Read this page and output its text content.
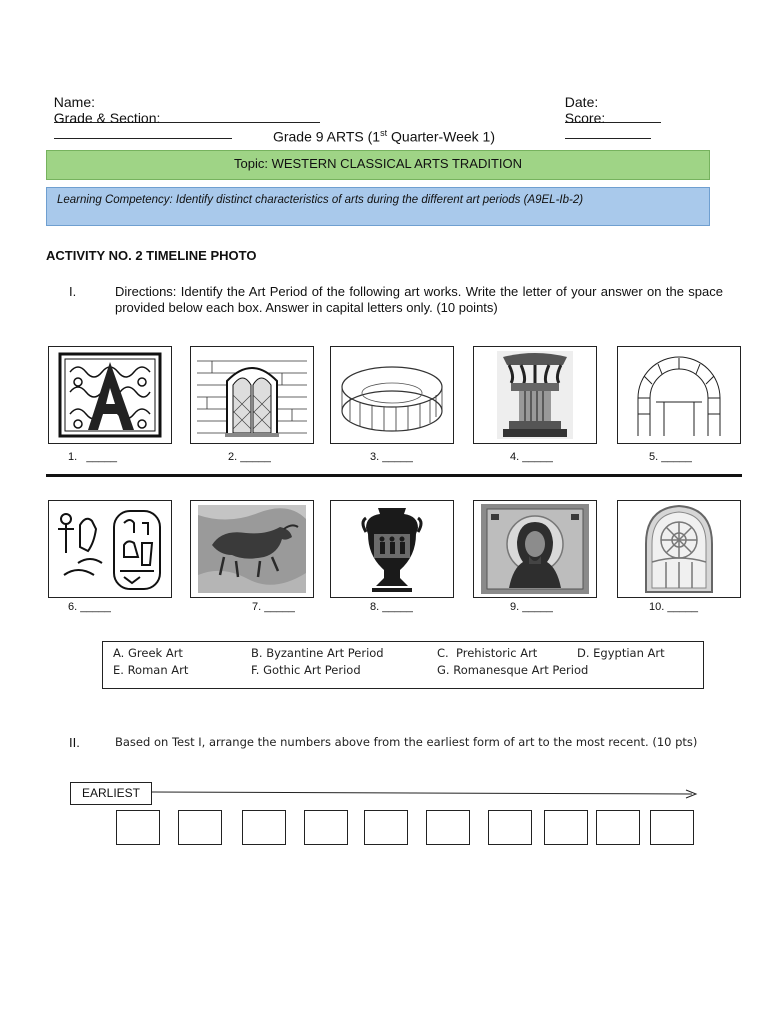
Name:

Grade & Section:

Date:

Score:

Grade 9 ARTS (1st Quarter-Week 1)
Topic: WESTERN CLASSICAL ARTS TRADITION
Learning Competency: Identify distinct characteristics of arts during the different art periods (A9EL-Ib-2)
ACTIVITY NO. 2 TIMELINE PHOTO
I.	Directions: Identify the Art Period of the following art works. Write the letter of your answer on the space provided below each box. Answer in capital letters only. (10 points)
1.   _____	2. _____	3. _____	4. _____	5. _____
6. _____	7. _____	8. _____	9. _____	10. _____
A. Greek Art	B. Byzantine Art Period	C.  Prehistoric Art	D. Egyptian Art
E. Roman Art	F. Gothic Art Period	G. Romanesque Art Period
II.	Based on Test I, arrange the numbers above from the earliest form of art to the most recent. (10 pts)
EARLIEST
